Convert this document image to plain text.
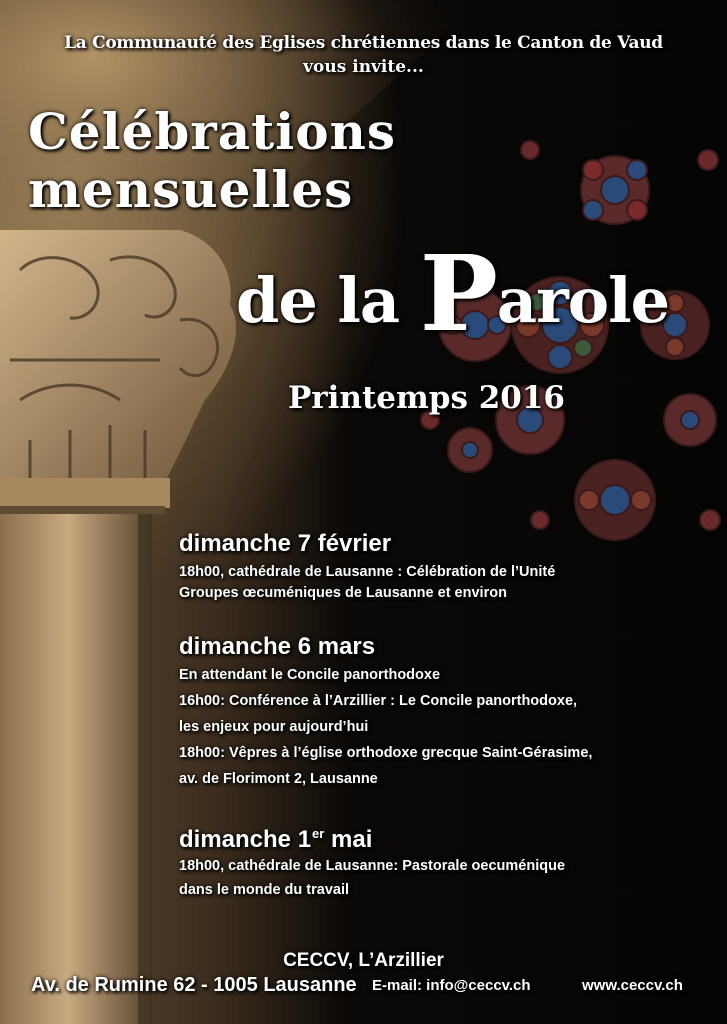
La Communauté des Eglises chrétiennes dans le Canton de Vaud
vous invite...
Célébrations
mensuelles
de la Parole
Printemps 2016
dimanche 7 février
18h00, cathédrale de Lausanne : Célébration de l’Unité
Groupes œcuméniques de Lausanne et environ
dimanche 6 mars
En attendant le Concile panorthodoxe
16h00: Conférence à l’Arzillier : Le Concile panorthodoxe,
les enjeux pour aujourd’hui
18h00: Vêpres à l’église orthodoxe grecque Saint-Gérasime,
av. de Florimont 2, Lausanne
dimanche 1er mai
18h00, cathédrale de Lausanne: Pastorale oecuménique
dans le monde du travail
CECCV, L’Arzillier
Av. de Rumine 62 - 1005 Lausanne E-mail: info@ceccv.ch	www.ceccv.ch
